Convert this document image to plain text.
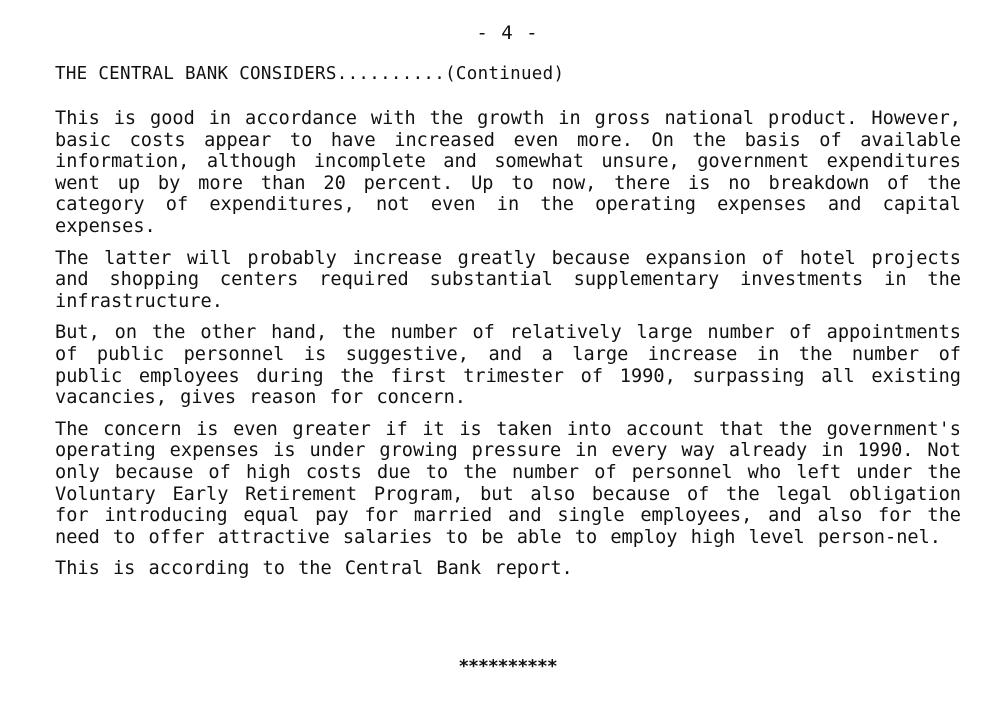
- 4 -
THE CENTRAL BANK CONSIDERS..........(Continued)

This is good in accordance with the growth in gross national product. However, basic costs appear to have increased even more. On the basis of available information, although incomplete and somewhat unsure, government expenditures went up by more than 20 percent. Up to now, there is no breakdown of the category of expenditures, not even in the operating expenses and capital expenses.

The latter will probably increase greatly because expansion of hotel projects and shopping centers required substantial supplementary investments in the infrastructure.

But, on the other hand, the number of relatively large number of appointments of public personnel is suggestive, and a large increase in the number of public employees during the first trimester of 1990, surpassing all existing vacancies, gives reason for concern.

The concern is even greater if it is taken into account that the government's operating expenses is under growing pressure in every way already in 1990. Not only because of high costs due to the number of personnel who left under the Voluntary Early Retirement Program, but also because of the legal obligation for introducing equal pay for married and single employees, and also for the need to offer attractive salaries to be able to employ high level person-nel.

This is according to the Central Bank report.

**********
